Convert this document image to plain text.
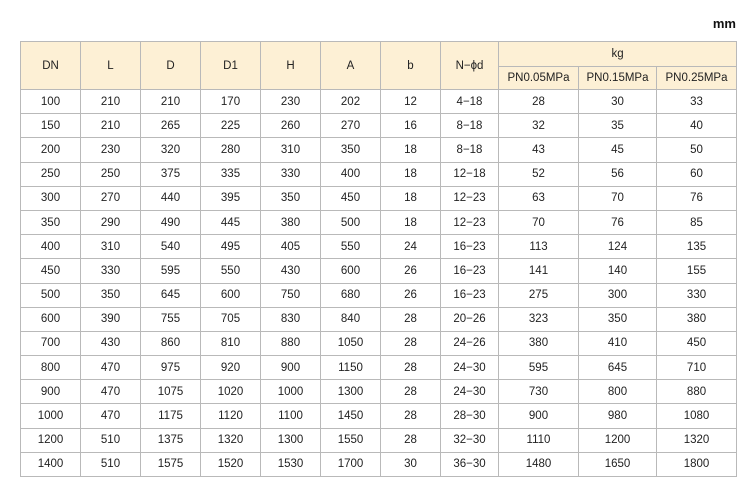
mm
DN	L	D	D1	H	A	b	N−ϕd	kg		
								PN0.05MPa	PN0.15MPa	PN0.25MPa
100	210	210	170	230	202	12	4−18	28	30	33
150	210	265	225	260	270	16	8−18	32	35	40
200	230	320	280	310	350	18	8−18	43	45	50
250	250	375	335	330	400	18	12−18	52	56	60
300	270	440	395	350	450	18	12−23	63	70	76
350	290	490	445	380	500	18	12−23	70	76	85
400	310	540	495	405	550	24	16−23	113	124	135
450	330	595	550	430	600	26	16−23	141	140	155
500	350	645	600	750	680	26	16−23	275	300	330
600	390	755	705	830	840	28	20−26	323	350	380
700	430	860	810	880	1050	28	24−26	380	410	450
800	470	975	920	900	1150	28	24−30	595	645	710
900	470	1075	1020	1000	1300	28	24−30	730	800	880
1000	470	1175	1120	1100	1450	28	28−30	900	980	1080
1200	510	1375	1320	1300	1550	28	32−30	1110	1200	1320
1400	510	1575	1520	1530	1700	30	36−30	1480	1650	1800
